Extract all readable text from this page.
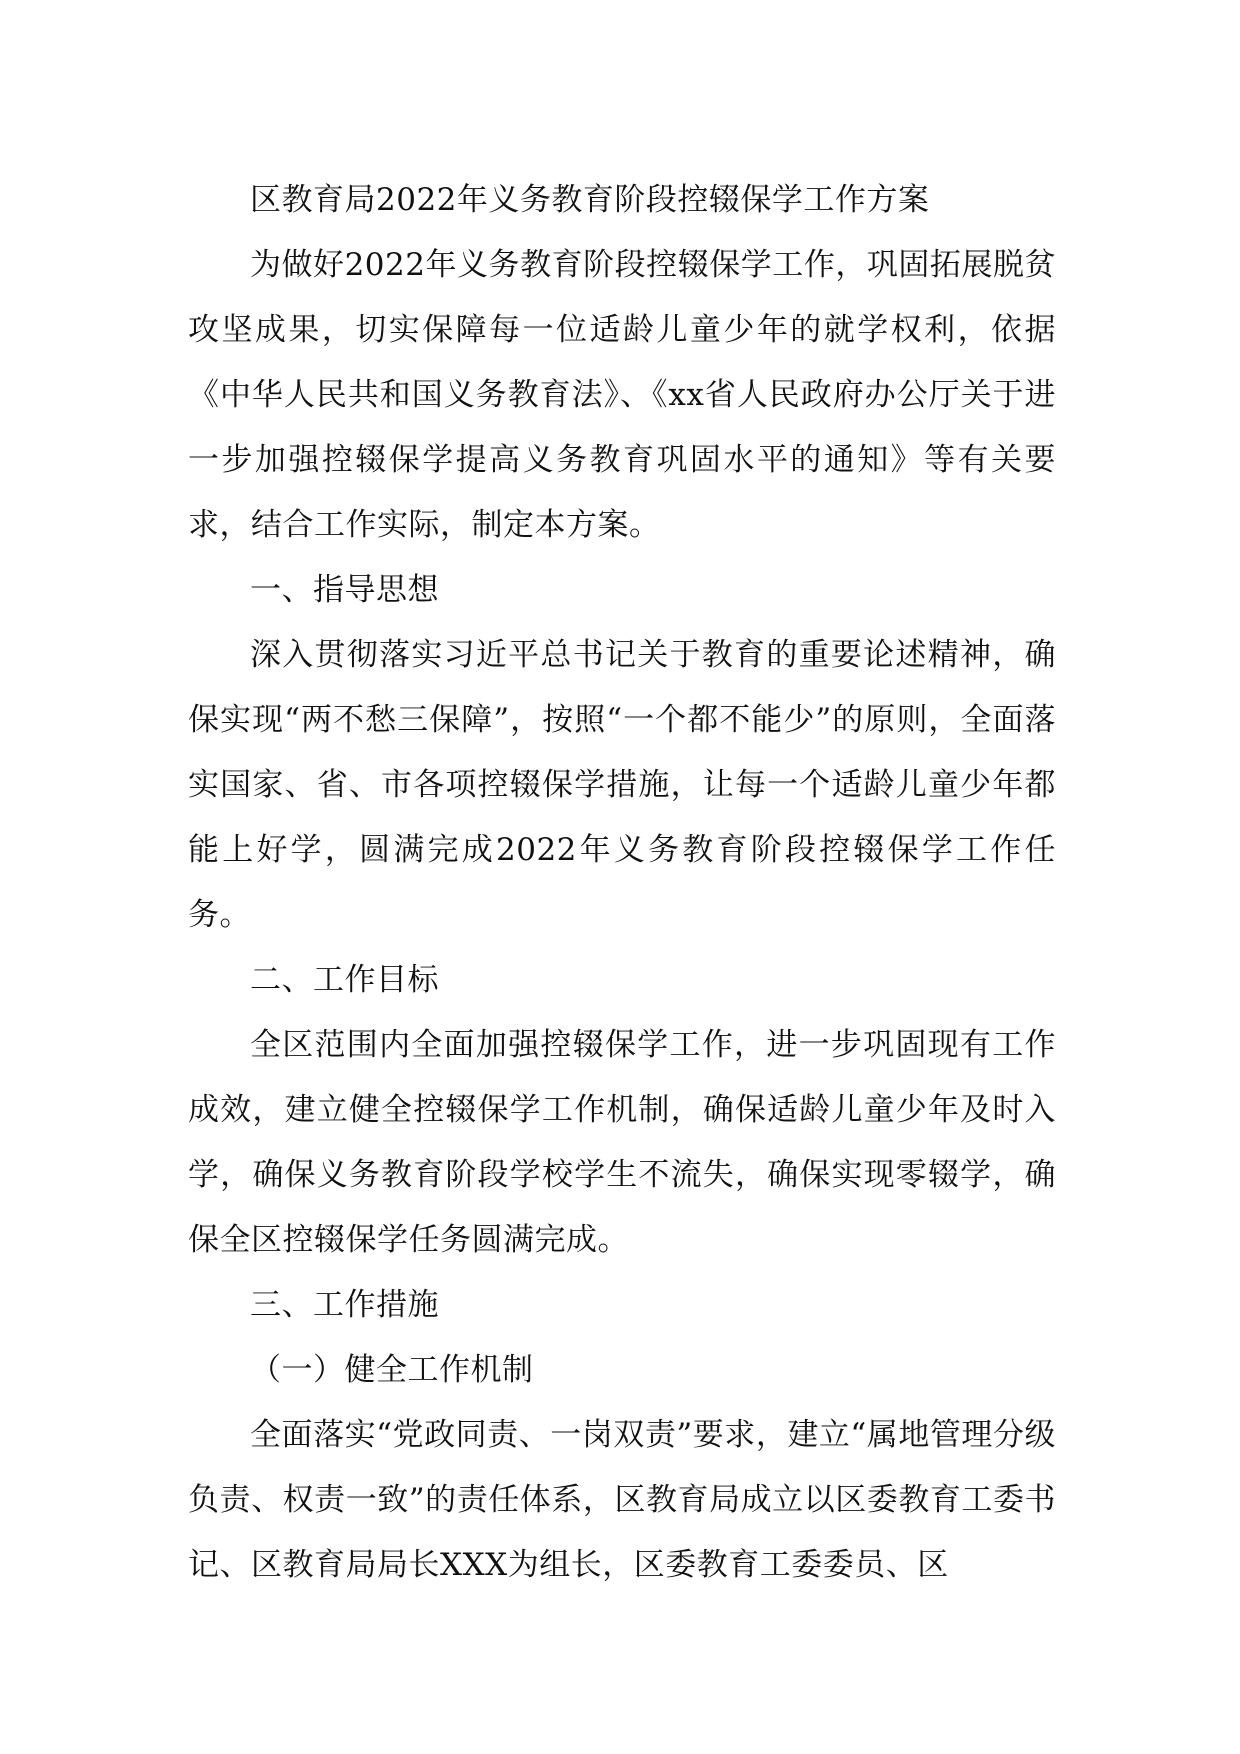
区教育局2022年义务教育阶段控辍保学工作方案

为做好2022年义务教育阶段控辍保学工作，巩固拓展脱贫攻坚成果，切实保障每一位适龄儿童少年的就学权利，依据《中华人民共和国义务教育法》、《xx省人民政府办公厅关于进一步加强控辍保学提高义务教育巩固水平的通知》等有关要求，结合工作实际，制定本方案。

一、指导思想

深入贯彻落实习近平总书记关于教育的重要论述精神，确保实现“两不愁三保障”，按照“一个都不能少”的原则，全面落实国家、省、市各项控辍保学措施，让每一个适龄儿童少年都能上好学，圆满完成2022年义务教育阶段控辍保学工作任务。

二、工作目标

全区范围内全面加强控辍保学工作，进一步巩固现有工作成效，建立健全控辍保学工作机制，确保适龄儿童少年及时入学，确保义务教育阶段学校学生不流失，确保实现零辍学，确保全区控辍保学任务圆满完成。

三、工作措施

（一）健全工作机制

全面落实“党政同责、一岗双责”要求，建立“属地管理分级负责、权责一致”的责任体系，区教育局成立以区委教育工委书记、区教育局局长XXX为组长，区委教育工委委员、区
